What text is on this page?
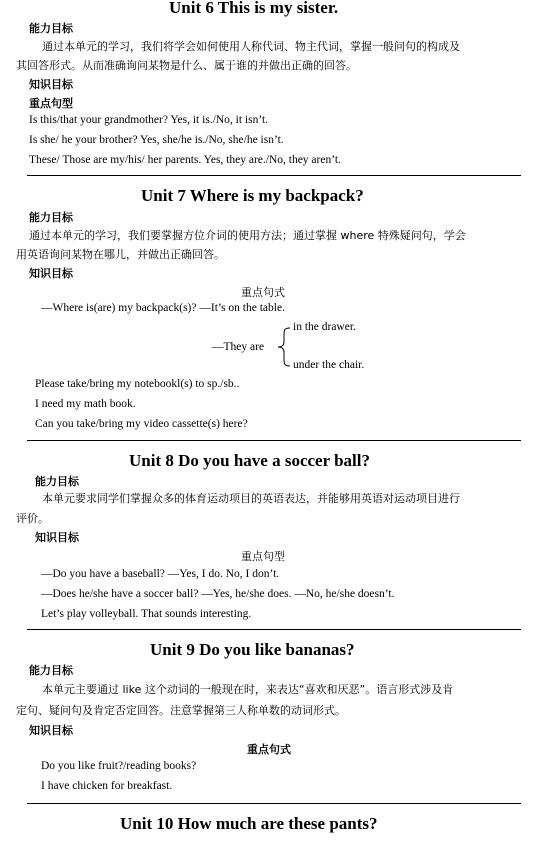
Unit 6 This is my sister.
能力目标
通过本单元的学习，我们将学会如何使用人称代词、物主代词，掌握一般问句的构成及
其回答形式。从而准确询问某物是什么、属于谁的并做出正确的回答。
知识目标
重点句型
Is this/that your grandmother? Yes, it is./No, it isn’t.
Is she/ he your brother? Yes, she/he is./No, she/he isn’t.
These/ Those are my/his/ her parents. Yes, they are./No, they aren’t.
Unit 7 Where is my backpack?
能力目标
通过本单元的学习，我们要掌握方位介词的使用方法；通过掌握 where 特殊疑问句，学会
用英语询问某物在哪儿，并做出正确回答。
知识目标
重点句式
—Where is(are) my backpack(s)? —It’s on the table.
in the drawer.
—They are
under the chair.
Please take/bring my notebookl(s) to sp./sb..
I need my math book.
Can you take/bring my video cassette(s) here?
Unit 8 Do you have a soccer ball?
能力目标
本单元要求同学们掌握众多的体育运动项目的英语表达，并能够用英语对运动项目进行
评价。
知识目标
重点句型
—Do you have a baseball? —Yes, I do. No, I don’t.
—Does he/she have a soccer ball? —Yes, he/she does. —No, he/she doesn’t.
Let’s play volleyball. That sounds interesting.
Unit 9 Do you like bananas?
能力目标
本单元主要通过 like 这个动词的一般现在时，来表达“喜欢和厌恶”。语言形式涉及肯
定句、疑问句及肯定否定回答。注意掌握第三人称单数的动词形式。
知识目标
重点句式
Do you like fruit?/reading books?
I have chicken for breakfast.
Unit 10 How much are these pants?
